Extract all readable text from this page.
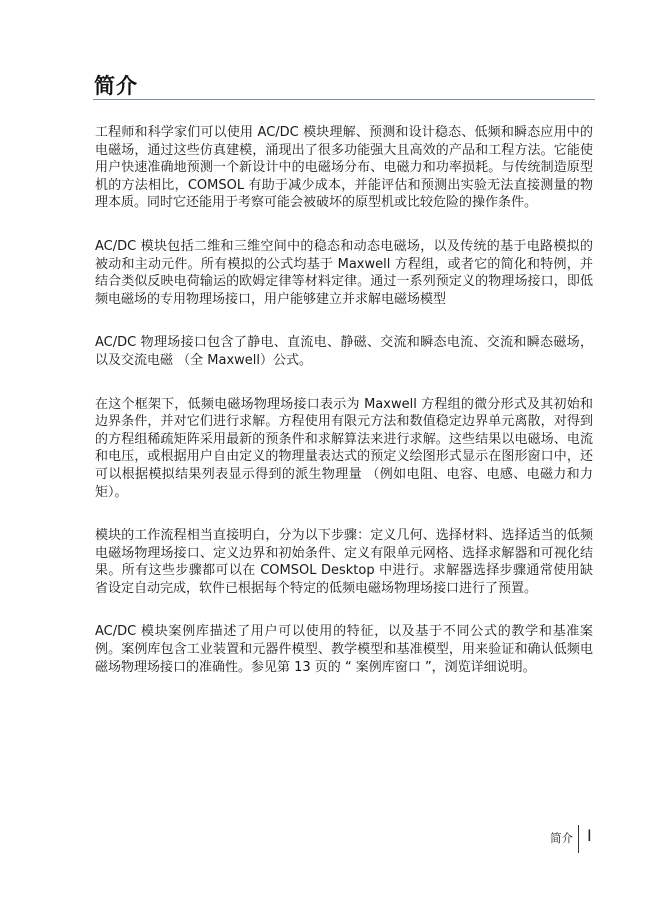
简介

工程师和科学家们可以使用 AC/DC 模块理解、预测和设计稳态、低频和瞬态应用中的电磁场，通过这些仿真建模，涌现出了很多功能强大且高效的产品和工程方法。它能使用户快速准确地预测一个新设计中的电磁场分布、电磁力和功率损耗。与传统制造原型机的方法相比，COMSOL 有助于减少成本，并能评估和预测出实验无法直接测量的物理本质。同时它还能用于考察可能会被破坏的原型机或比较危险的操作条件。

AC/DC 模块包括二维和三维空间中的稳态和动态电磁场，以及传统的基于电路模拟的被动和主动元件。所有模拟的公式均基于 Maxwell 方程组，或者它的简化和特例，并结合类似反映电荷输运的欧姆定律等材料定律。通过一系列预定义的物理场接口，即低频电磁场的专用物理场接口，用户能够建立并求解电磁场模型

AC/DC 物理场接口包含了静电、直流电、静磁、交流和瞬态电流、交流和瞬态磁场，以及交流电磁 （全 Maxwell）公式。

在这个框架下，低频电磁场物理场接口表示为 Maxwell 方程组的微分形式及其初始和边界条件，并对它们进行求解。方程使用有限元方法和数值稳定边界单元离散，对得到的方程组稀疏矩阵采用最新的预条件和求解算法来进行求解。这些结果以电磁场、电流和电压，或根据用户自由定义的物理量表达式的预定义绘图形式显示在图形窗口中，还可以根据模拟结果列表显示得到的派生物理量 （例如电阻、电容、电感、电磁力和力矩）。

模块的工作流程相当直接明白，分为以下步骤：定义几何、选择材料、选择适当的低频电磁场物理场接口、定义边界和初始条件、定义有限单元网格、选择求解器和可视化结果。所有这些步骤都可以在 COMSOL Desktop 中进行。求解器选择步骤通常使用缺省设定自动完成，软件已根据每个特定的低频电磁场物理场接口进行了预置。

AC/DC 模块案例库描述了用户可以使用的特征，以及基于不同公式的教学和基准案例。案例库包含工业装置和元器件模型、教学模型和基准模型，用来验证和确认低频电磁场物理场接口的准确性。参见第 13 页的 “ 案例库窗口 ”，浏览详细说明。

简介 I
